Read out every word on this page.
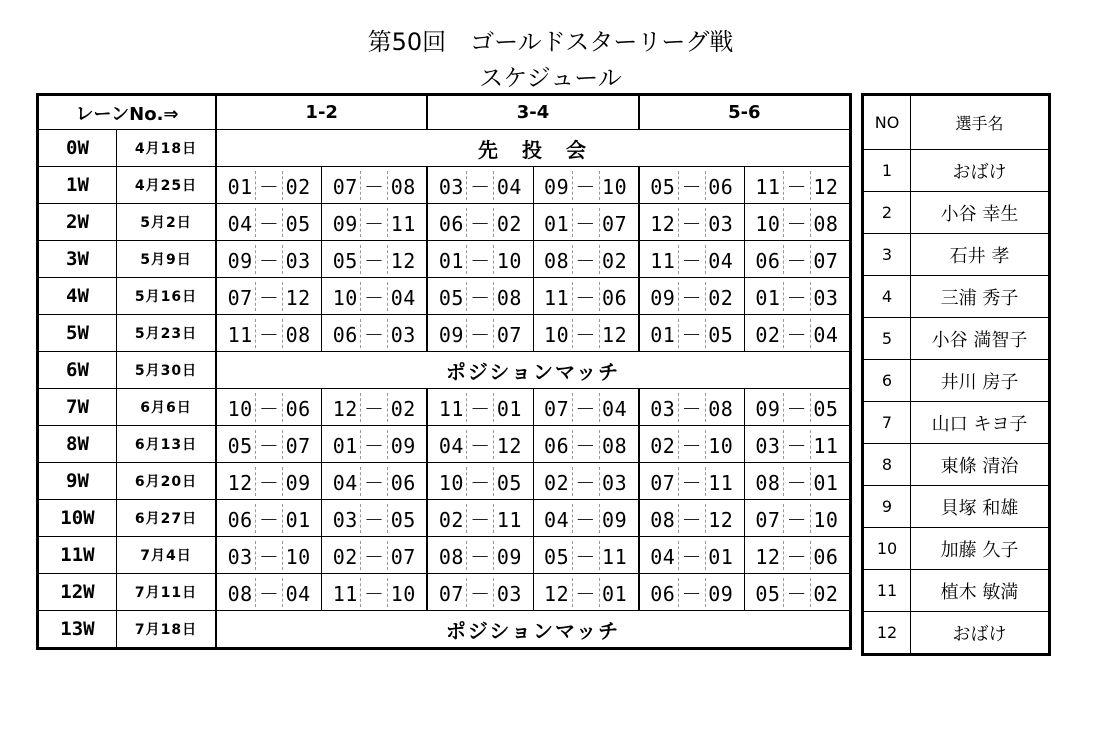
第50回　ゴールドスターリーグ戦
スケジュール
レーンNo.⇒		1-2		3-4		5-6	
0W	4月18日	先　投　会					
1W	4月25日	01 － 02	07 － 08	03 － 04	09 － 10	05 － 06	11 － 12
2W	5月2日	04 － 05	09 － 11	06 － 02	01 － 07	12 － 03	10 － 08
3W	5月9日	09 － 03	05 － 12	01 － 10	08 － 02	11 － 04	06 － 07
4W	5月16日	07 － 12	10 － 04	05 － 08	11 － 06	09 － 02	01 － 03
5W	5月23日	11 － 08	06 － 03	09 － 07	10 － 12	01 － 05	02 － 04
6W	5月30日	ポジションマッチ					
7W	6月6日	10 － 06	12 － 02	11 － 01	07 － 04	03 － 08	09 － 05
8W	6月13日	05 － 07	01 － 09	04 － 12	06 － 08	02 － 10	03 － 11
9W	6月20日	12 － 09	04 － 06	10 － 05	02 － 03	07 － 11	08 － 01
10W	6月27日	06 － 01	03 － 05	02 － 11	04 － 09	08 － 12	07 － 10
11W	7月4日	03 － 10	02 － 07	08 － 09	05 － 11	04 － 01	12 － 06
12W	7月11日	08 － 04	11 － 10	07 － 03	12 － 01	06 － 09	05 － 02
13W	7月18日	ポジションマッチ					
NO	選手名
1	おばけ
2	小谷 幸生
3	石井 孝
4	三浦 秀子
5	小谷 満智子
6	井川 房子
7	山口 キヨ子
8	東條 清治
9	貝塚 和雄
10	加藤 久子
11	植木 敏満
12	おばけ
